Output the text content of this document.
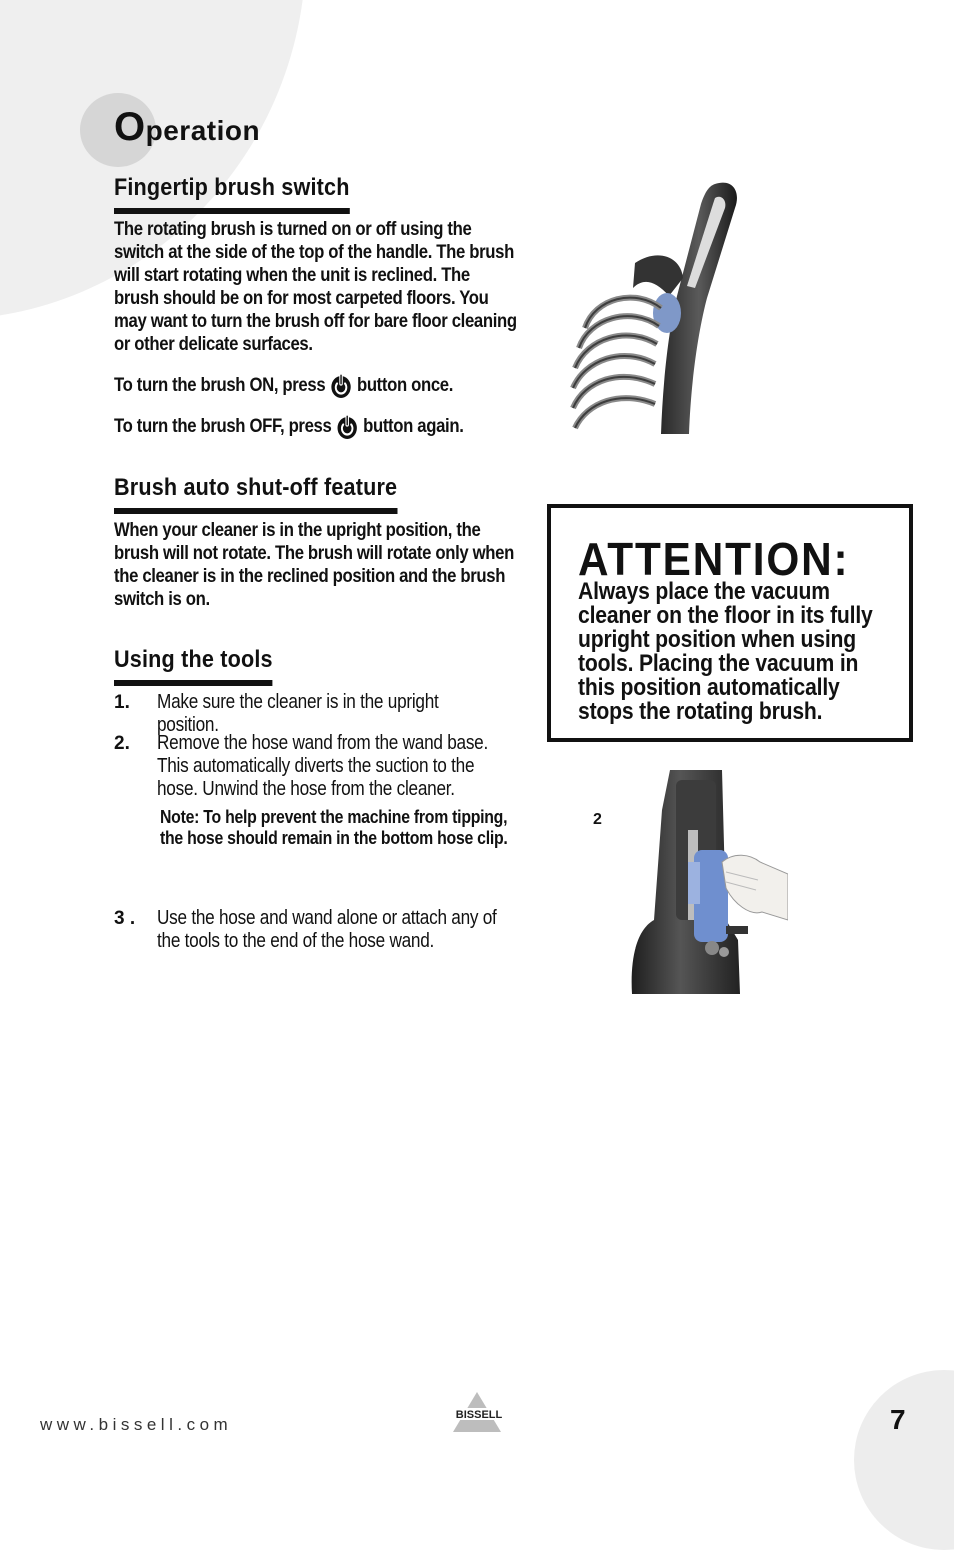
Operation
Fingertip brush switch
The rotating brush is turned on or off using the switch at the side of the top of the handle. The brush will start rotating when the unit is reclined. The brush should be on for most carpeted floors. You may want to turn the brush off for bare floor cleaning or other delicate surfaces.
To turn the brush ON, press button once.
To turn the brush OFF, press button again.
Brush auto shut-off feature
When your cleaner is in the upright position, the brush will not rotate. The brush will rotate only when the cleaner is in the reclined position and the brush switch is on.
Using the tools
1. Make sure the cleaner is in the upright position.
2. Remove the hose wand from the wand base. This automatically diverts the suction to the hose. Unwind the hose from the cleaner.
Note: To help prevent the machine from tipping, the hose should remain in the bottom hose clip.
3 . Use the hose and wand alone or attach any of the tools to the end of the hose wand.
ATTENTION:
Always place the vacuum cleaner on the floor in its fully upright position when using tools. Placing the vacuum in this position automatically stops the rotating brush.
2
www.bissell.com	BISSELL	7
